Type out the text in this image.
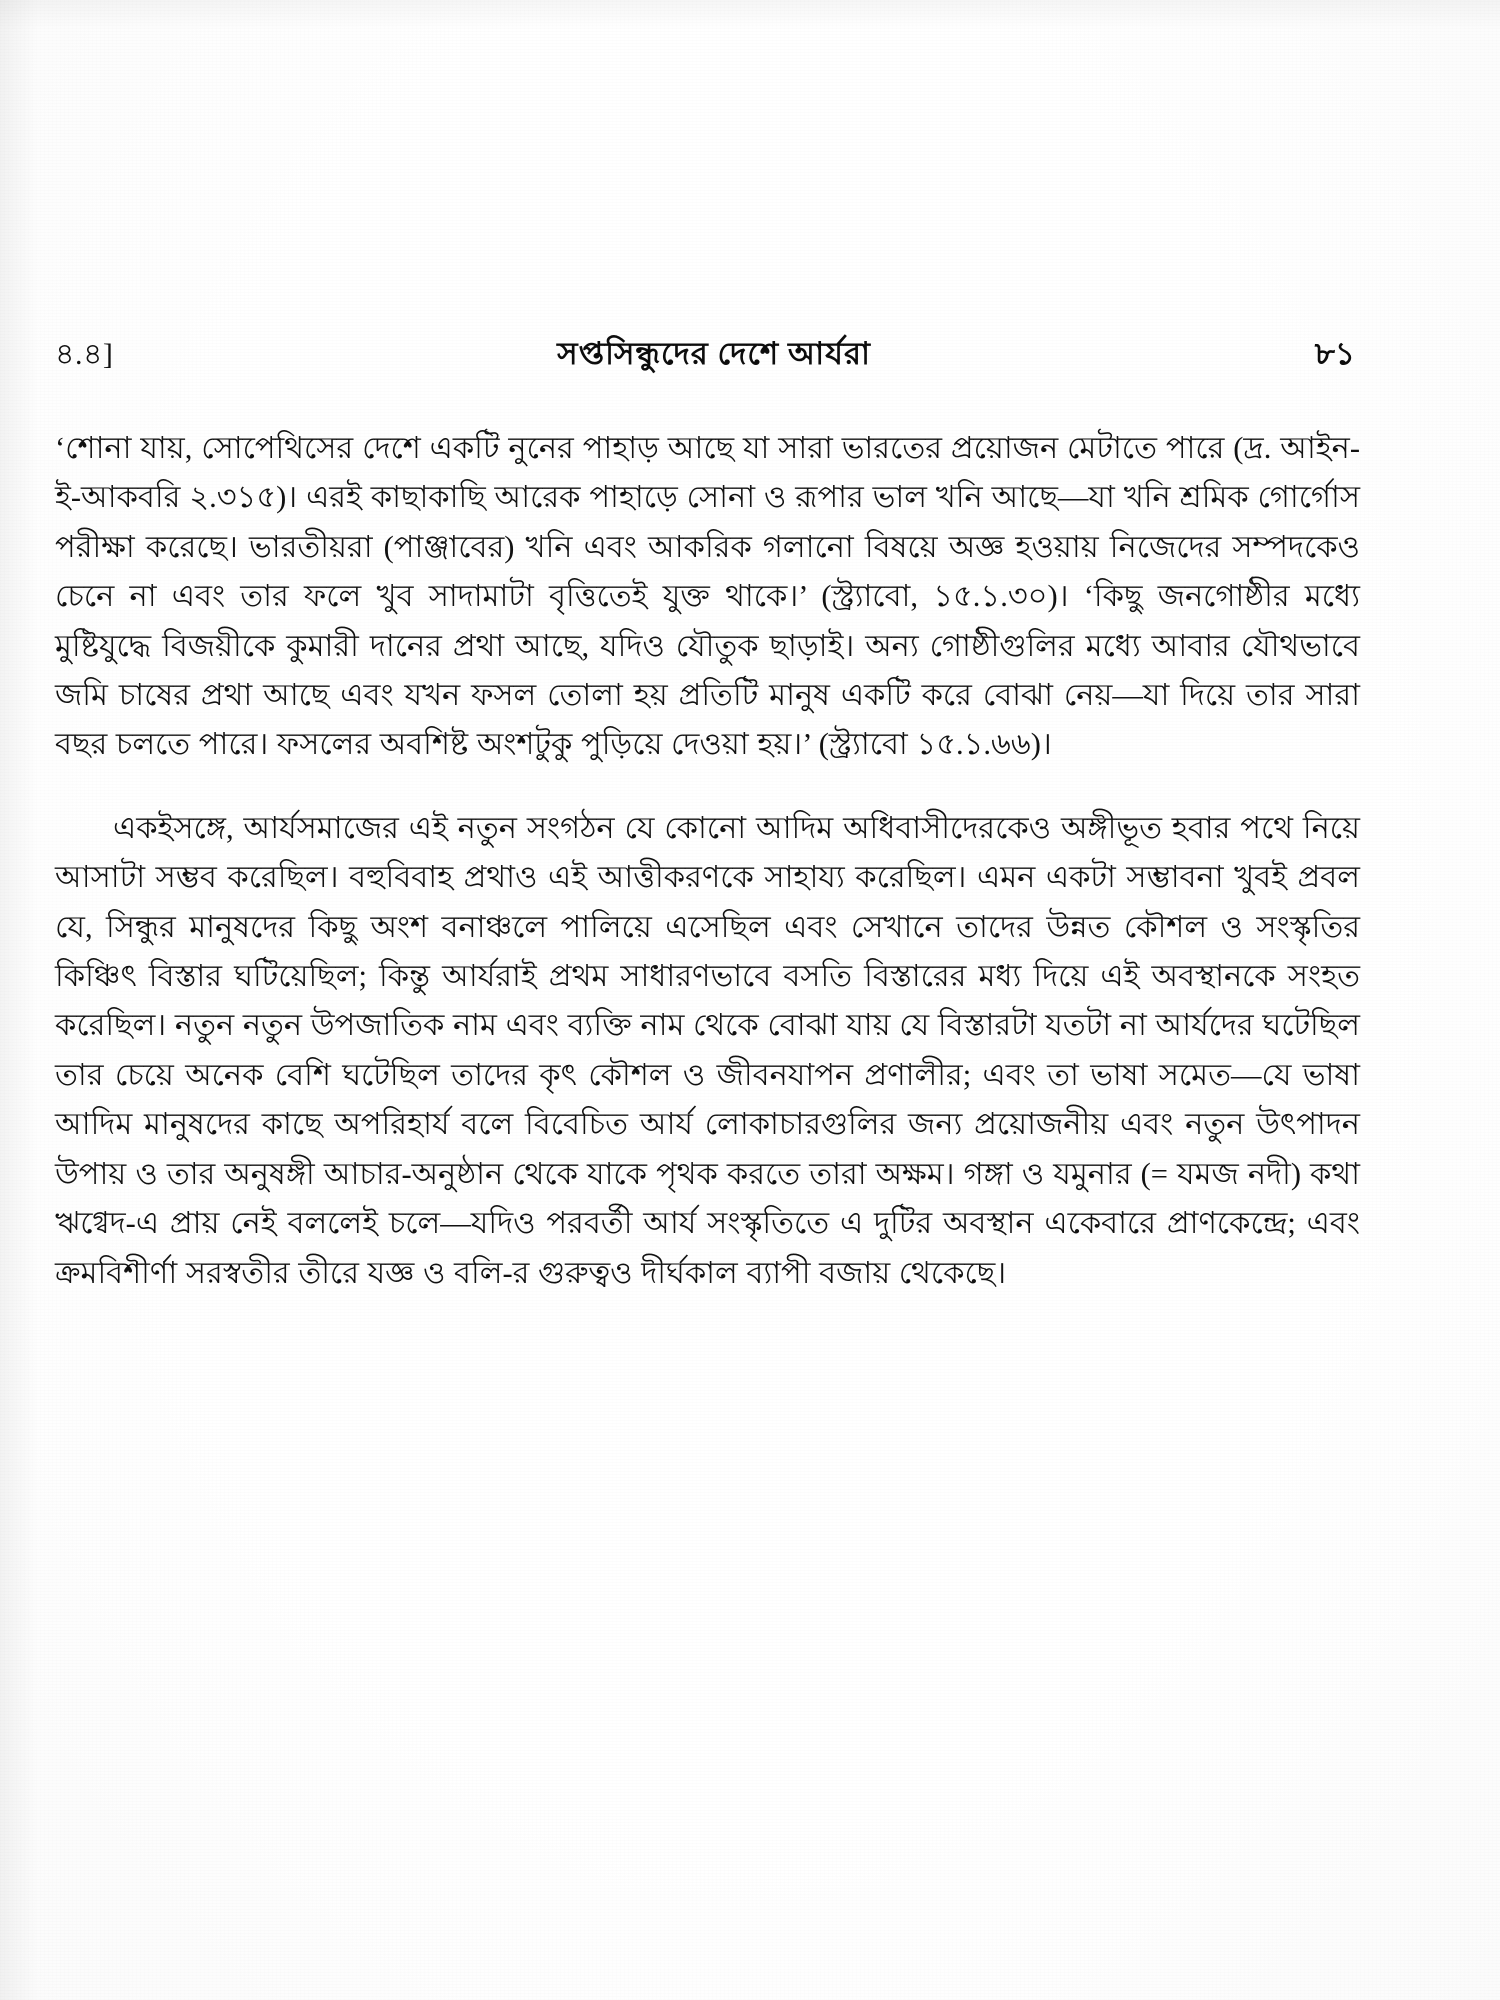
৪.৪]	সপ্তসিন্ধুদের দেশে আর্যরা	৮১

‘শোনা যায়, সোপেথিসের দেশে একটি নুনের পাহাড় আছে যা সারা ভারতের প্রয়োজন মেটাতে পারে (দ্র. আইন-ই-আকবরি ২.৩১৫)। এরই কাছাকাছি আরেক পাহাড়ে সোনা ও রূপার ভাল খনি আছে—যা খনি শ্রমিক গোর্গোস পরীক্ষা করেছে। ভারতীয়রা (পাঞ্জাবের) খনি এবং আকরিক গলানো বিষয়ে অজ্ঞ হওয়ায় নিজেদের সম্পদকেও চেনে না এবং তার ফলে খুব সাদামাটা বৃত্তিতেই যুক্ত থাকে।’ (স্ট্র্যাবো, ১৫.১.৩০)। ‘কিছু জনগোষ্ঠীর মধ্যে মুষ্টিযুদ্ধে বিজয়ীকে কুমারী দানের প্রথা আছে, যদিও যৌতুক ছাড়াই। অন্য গোষ্ঠীগুলির মধ্যে আবার যৌথভাবে জমি চাষের প্রথা আছে এবং যখন ফসল তোলা হয় প্রতিটি মানুষ একটি করে বোঝা নেয়—যা দিয়ে তার সারা বছর চলতে পারে। ফসলের অবশিষ্ট অংশটুকু পুড়িয়ে দেওয়া হয়।’ (স্ট্র্যাবো ১৫.১.৬৬)।

একইসঙ্গে, আর্যসমাজের এই নতুন সংগঠন যে কোনো আদিম অধিবাসীদেরকেও অঙ্গীভূত হবার পথে নিয়ে আসাটা সম্ভব করেছিল। বহুবিবাহ প্রথাও এই আত্তীকরণকে সাহায্য করেছিল। এমন একটা সম্ভাবনা খুবই প্রবল যে, সিন্ধুর মানুষদের কিছু অংশ বনাঞ্চলে পালিয়ে এসেছিল এবং সেখানে তাদের উন্নত কৌশল ও সংস্কৃতির কিঞ্চিৎ বিস্তার ঘটিয়েছিল; কিন্তু আর্যরাই প্রথম সাধারণভাবে বসতি বিস্তারের মধ্য দিয়ে এই অবস্থানকে সংহত করেছিল। নতুন নতুন উপজাতিক নাম এবং ব্যক্তি নাম থেকে বোঝা যায় যে বিস্তারটা যতটা না আর্যদের ঘটেছিল তার চেয়ে অনেক বেশি ঘটেছিল তাদের কৃৎ কৌশল ও জীবনযাপন প্রণালীর; এবং তা ভাষা সমেত—যে ভাষা আদিম মানুষদের কাছে অপরিহার্য বলে বিবেচিত আর্য লোকাচারগুলির জন্য প্রয়োজনীয় এবং নতুন উৎপাদন উপায় ও তার অনুষঙ্গী আচার-অনুষ্ঠান থেকে যাকে পৃথক করতে তারা অক্ষম। গঙ্গা ও যমুনার (= যমজ নদী) কথা ঋগ্বেদ-এ প্রায় নেই বললেই চলে—যদিও পরবর্তী আর্য সংস্কৃতিতে এ দুটির অবস্থান একেবারে প্রাণকেন্দ্রে; এবং ক্রমবিশীর্ণা সরস্বতীর তীরে যজ্ঞ ও বলি-র গুরুত্বও দীর্ঘকাল ব্যাপী বজায় থেকেছে।
